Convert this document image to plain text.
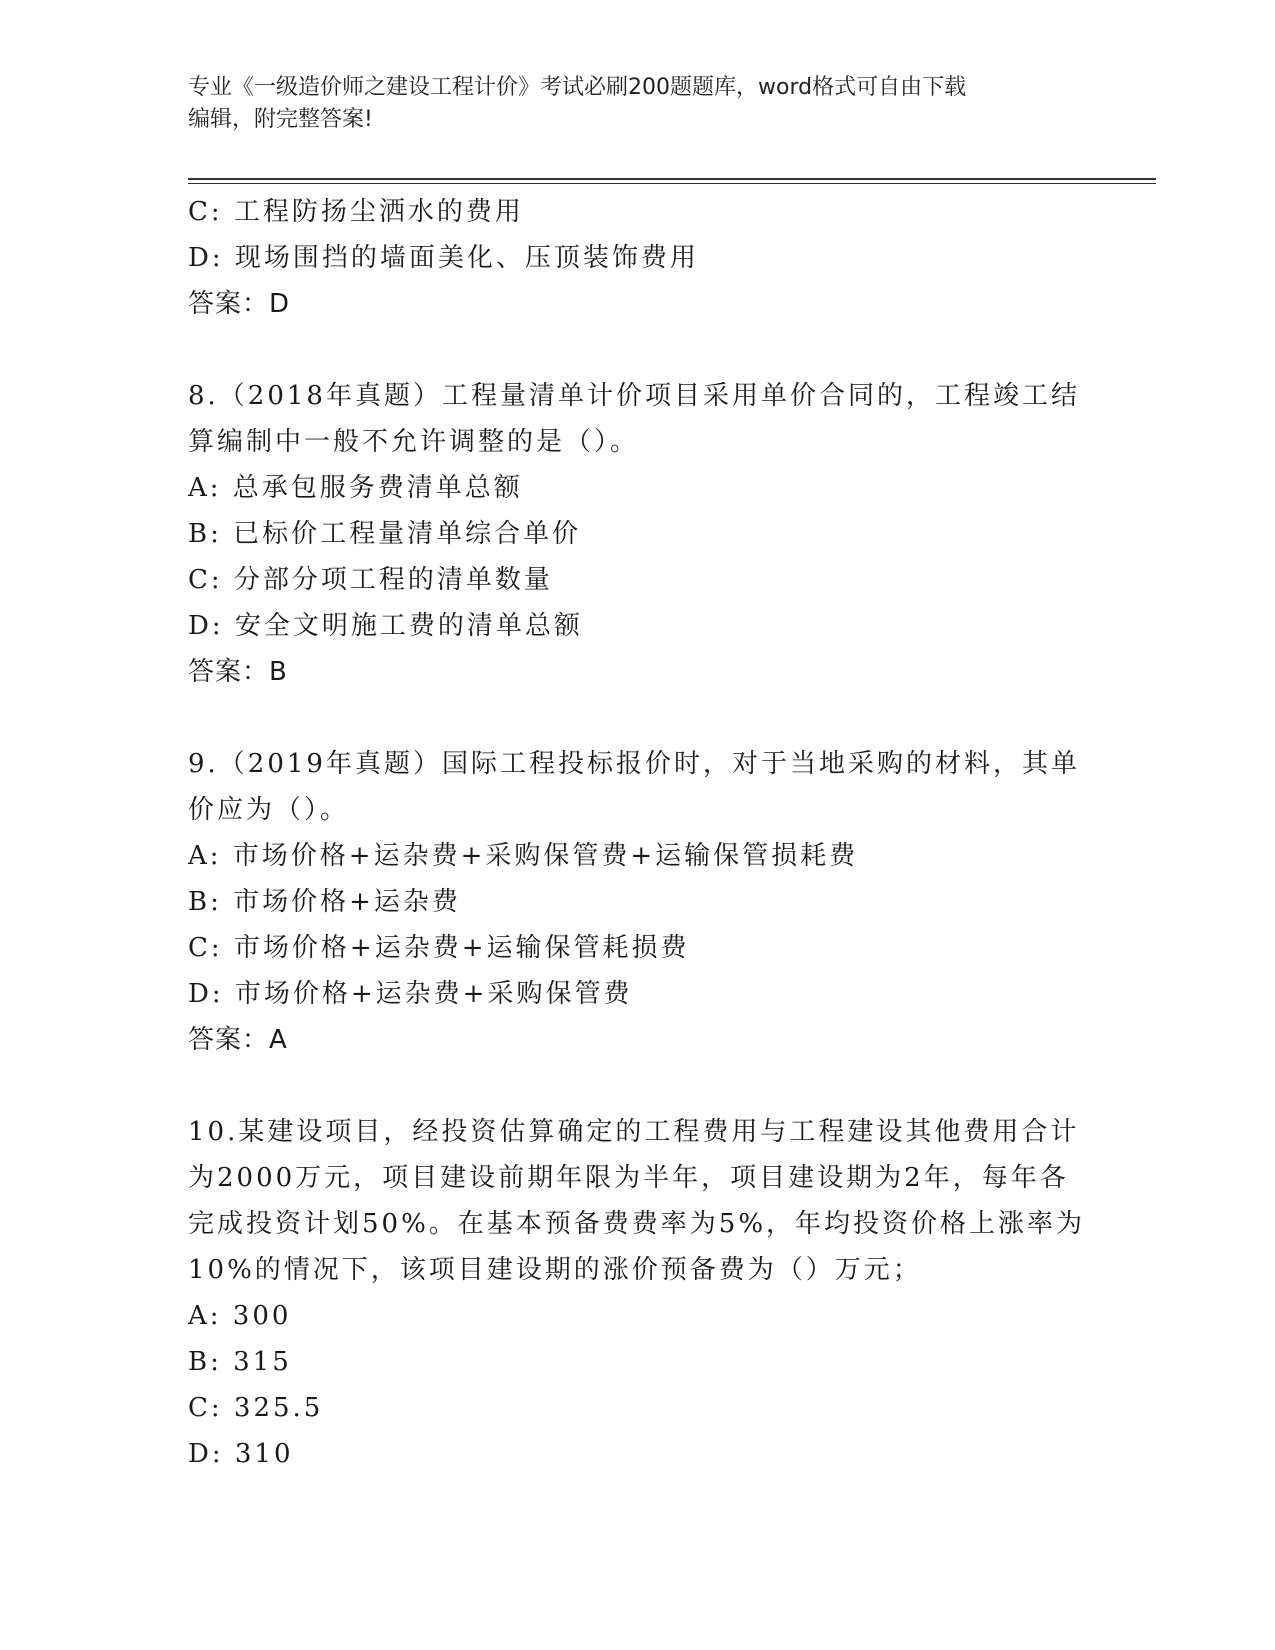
专业《一级造价师之建设工程计价》考试必刷200题题库，word格式可自由下载
编辑，附完整答案!

C: 工程防扬尘洒水的费用

D: 现场围挡的墙面美化、压顶装饰费用

答案：D

8.（2018年真题）工程量清单计价项目采用单价合同的，工程竣工结

算编制中一般不允许调整的是（）。

A: 总承包服务费清单总额

B: 已标价工程量清单综合单价

C: 分部分项工程的清单数量

D: 安全文明施工费的清单总额

答案：B

9.（2019年真题）国际工程投标报价时，对于当地采购的材料，其单

价应为（）。

A: 市场价格+运杂费+采购保管费+运输保管损耗费

B: 市场价格+运杂费

C: 市场价格+运杂费+运输保管耗损费

D: 市场价格+运杂费+采购保管费

答案：A

10.某建设项目，经投资估算确定的工程费用与工程建设其他费用合计

为2000万元，项目建设前期年限为半年，项目建设期为2年，每年各

完成投资计划50%。在基本预备费费率为5%，年均投资价格上涨率为

10%的情况下，该项目建设期的涨价预备费为（）万元；

A: 300

B: 315

C: 325.5

D: 310
